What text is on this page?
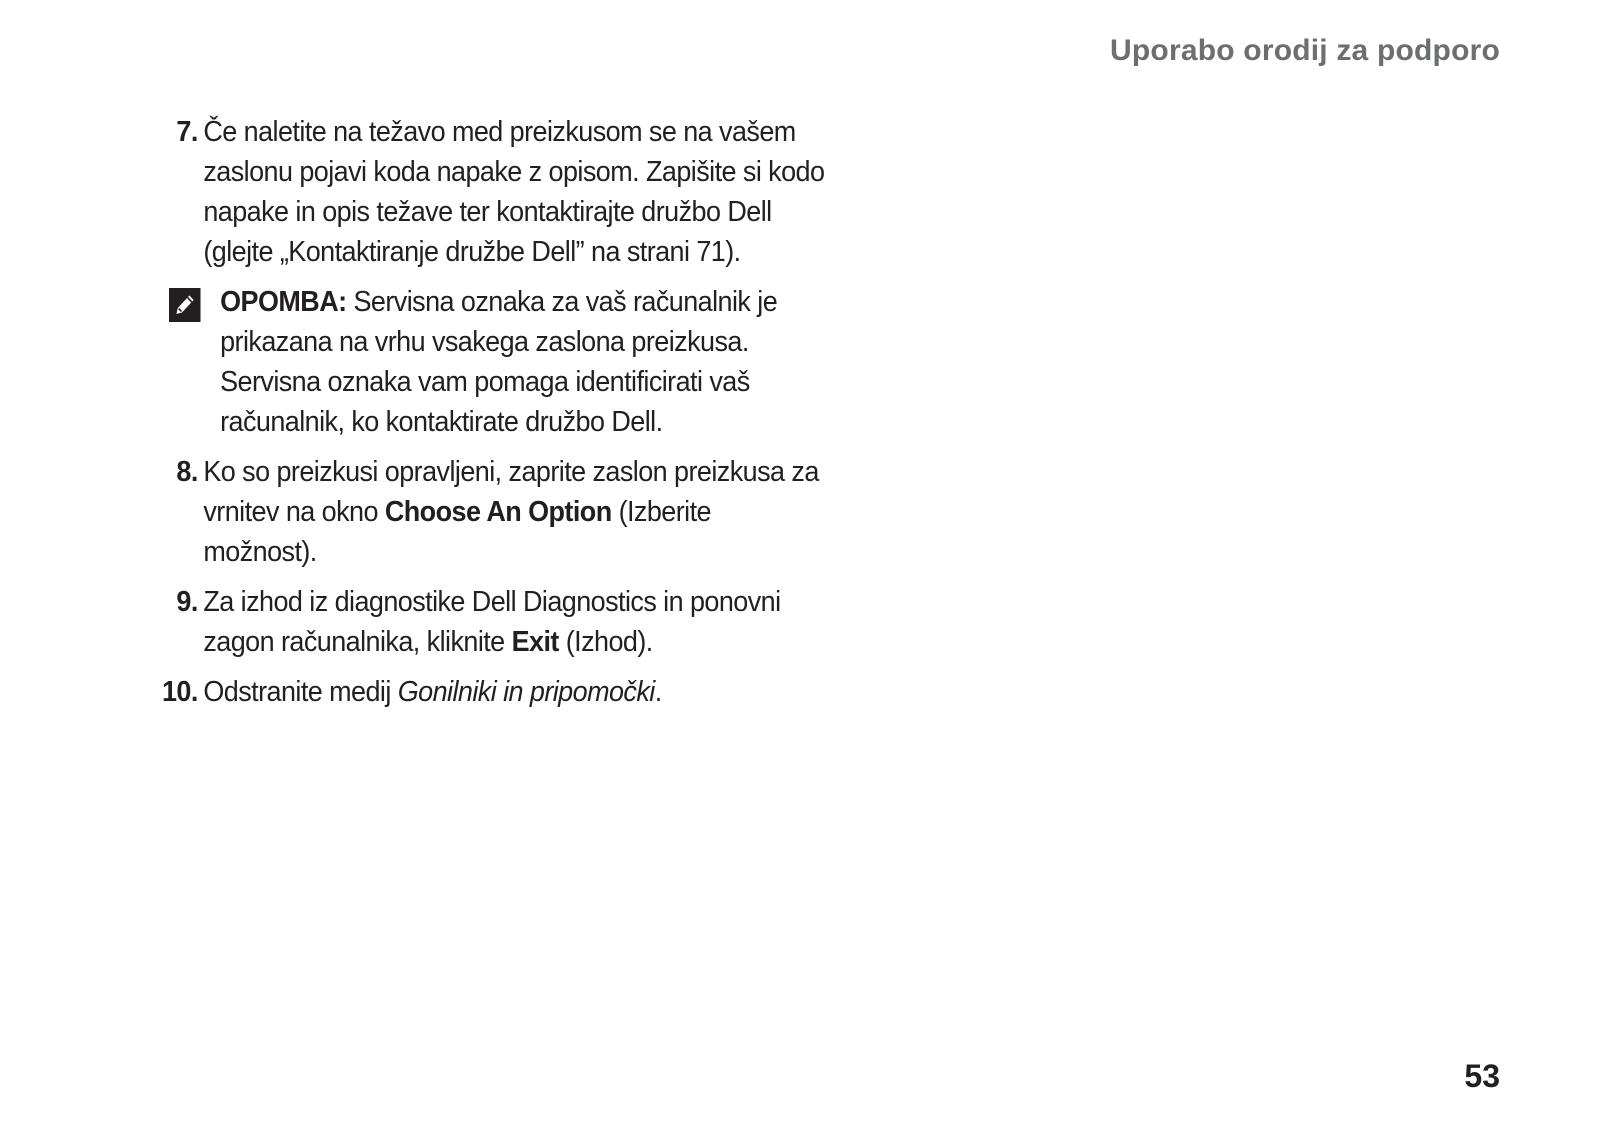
Uporabo orodij za podporo
7. Če naletite na težavo med preizkusom se na vašem zaslonu pojavi koda napake z opisom. Zapišite si kodo napake in opis težave ter kontaktirajte družbo Dell (glejte „Kontaktiranje družbe Dell” na strani 71).
OPOMBA: Servisna oznaka za vaš računalnik je prikazana na vrhu vsakega zaslona preizkusa. Servisna oznaka vam pomaga identificirati vaš računalnik, ko kontaktirate družbo Dell.
8. Ko so preizkusi opravljeni, zaprite zaslon preizkusa za vrnitev na okno Choose An Option (Izberite možnost).
9. Za izhod iz diagnostike Dell Diagnostics in ponovni zagon računalnika, kliknite Exit (Izhod).
10. Odstranite medij Gonilniki in pripomočki.
53
